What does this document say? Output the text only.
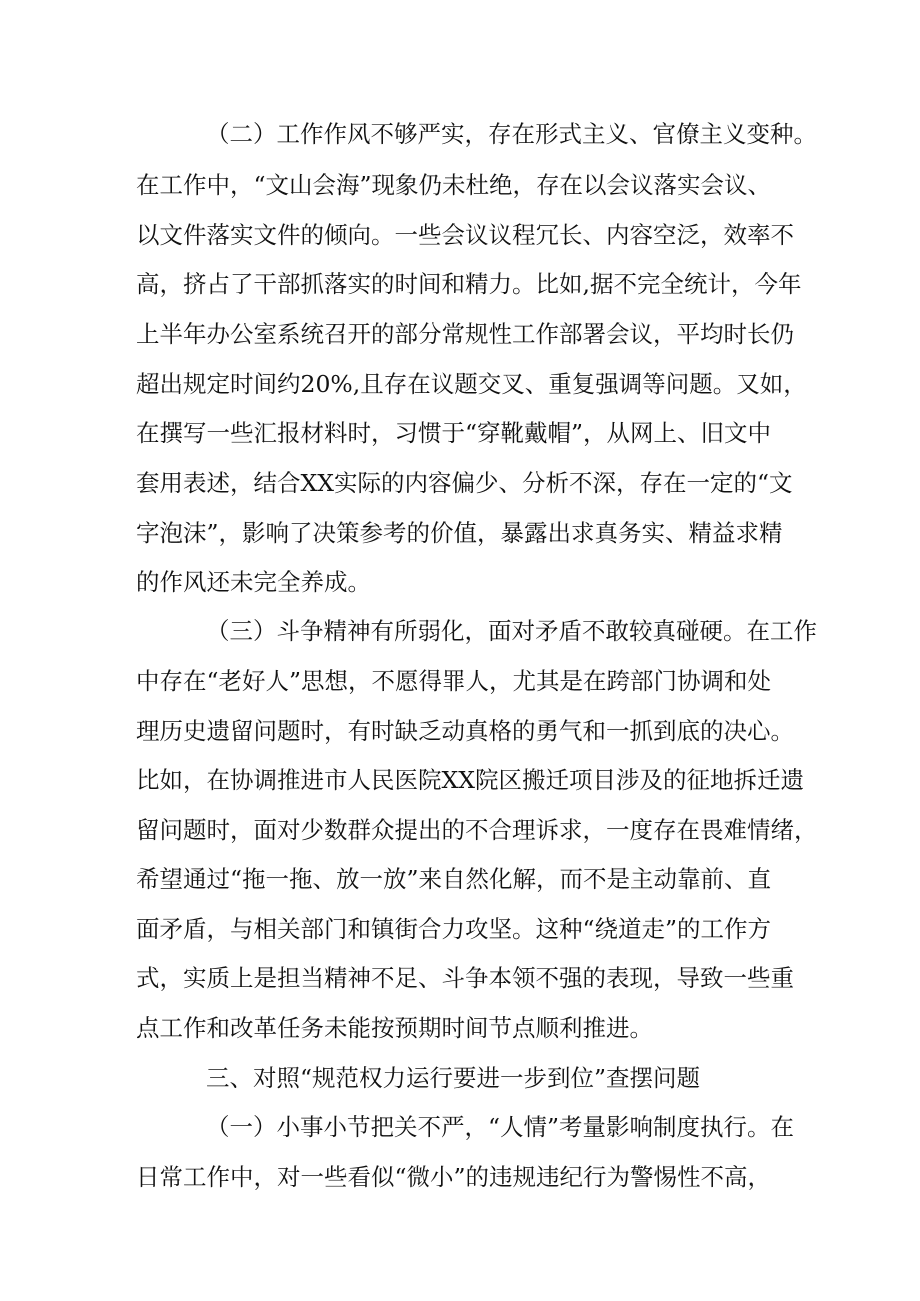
（二）工作作风不够严实，存在形式主义、官僚主义变种。
在工作中，“文山会海”现象仍未杜绝，存在以会议落实会议、
以文件落实文件的倾向。一些会议议程冗长、内容空泛，效率不
高，挤占了干部抓落实的时间和精力。比如,据不完全统计，今年
上半年办公室系统召开的部分常规性工作部署会议，平均时长仍
超出规定时间约20%,且存在议题交叉、重复强调等问题。又如，
在撰写一些汇报材料时，习惯于“穿靴戴帽”，从网上、旧文中
套用表述，结合XX实际的内容偏少、分析不深，存在一定的“文
字泡沫”，影响了决策参考的价值，暴露出求真务实、精益求精
的作风还未完全养成。
（三）斗争精神有所弱化，面对矛盾不敢较真碰硬。在工作
中存在“老好人”思想，不愿得罪人，尤其是在跨部门协调和处
理历史遗留问题时，有时缺乏动真格的勇气和一抓到底的决心。
比如，在协调推进市人民医院XX院区搬迁项目涉及的征地拆迁遗
留问题时，面对少数群众提出的不合理诉求，一度存在畏难情绪，
希望通过“拖一拖、放一放”来自然化解，而不是主动靠前、直
面矛盾，与相关部门和镇街合力攻坚。这种“绕道走”的工作方
式，实质上是担当精神不足、斗争本领不强的表现，导致一些重
点工作和改革任务未能按预期时间节点顺利推进。
三、对照“规范权力运行要进一步到位”查摆问题
（一）小事小节把关不严，“人情”考量影响制度执行。在
日常工作中，对一些看似“微小”的违规违纪行为警惕性不高，
